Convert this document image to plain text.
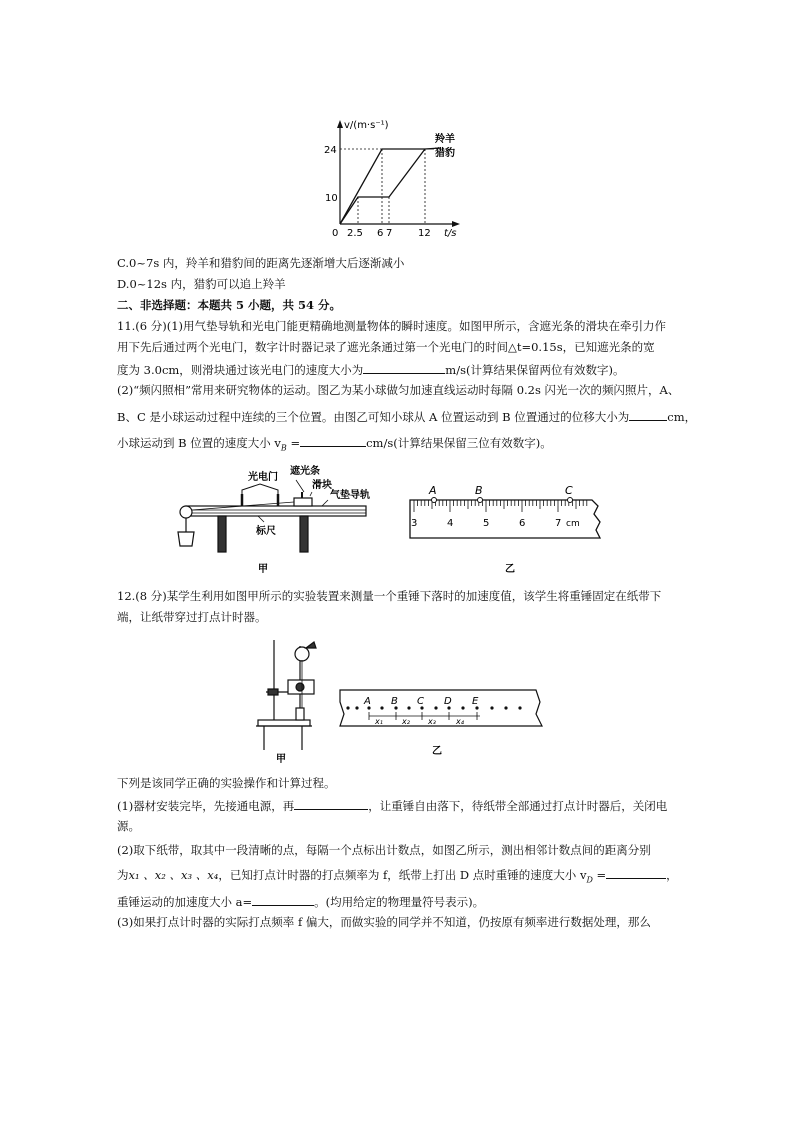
v/(m·s⁻¹)
t/s
0 2.5 6 7	12
24
10
羚羊
猎豹
C.0~7s 内，羚羊和猎豹间的距离先逐渐增大后逐渐减小
D.0~12s 内，猎豹可以追上羚羊
二、非选择题：本题共 5 小题，共 54 分。
11.(6 分)(1)用气垫导轨和光电门能更精确地测量物体的瞬时速度。如图甲所示，含遮光条的滑块在牵引力作
用下先后通过两个光电门，数字计时器记录了遮光条通过第一个光电门的时间△t=0.15s，已知遮光条的宽
度为 3.0cm，则滑块通过该光电门的速度大小为	m/s(计算结果保留两位有效数字)。
(2)“频闪照相”常用来研究物体的运动。图乙为某小球做匀加速直线运动时每隔 0.2s 闪光一次的频闪照片，A、
B、C 是小球运动过程中连续的三个位置。由图乙可知小球从 A 位置运动到 B 位置通过的位移大小为	cm，
小球运动到 B 位置的速度大小 $v_B$ =	cm/s(计算结果保留三位有效数字)。
光电门
遮光条
滑块
气垫导轨
标尺
甲
A	B	C
3	4	5	6	7 cm
乙
12.(8 分)某学生利用如图甲所示的实验装置来测量一个重锤下落时的加速度值，该学生将重锤固定在纸带下
端，让纸带穿过打点计时器。
甲
A B C D E
x₁ x₂ x₃	x₄
乙
下列是该同学正确的实验操作和计算过程。
(1)器材安装完毕，先接通电源，再	，让重锤自由落下，待纸带全部通过打点计时器后，关闭电
源。
(2)取下纸带，取其中一段清晰的点，每隔一个点标出计数点，如图乙所示，测出相邻计数点间的距离分别
为x₁ 、x₂ 、x₃ 、x₄，已知打点计时器的打点频率为 f，纸带上打出 D 点时重锤的速度大小 $v_D$ =	，
重锤运动的加速度大小 a=	。(均用给定的物理量符号表示)。
(3)如果打点计时器的实际打点频率 f 偏大，而做实验的同学并不知道，仍按原有频率进行数据处理，那么
